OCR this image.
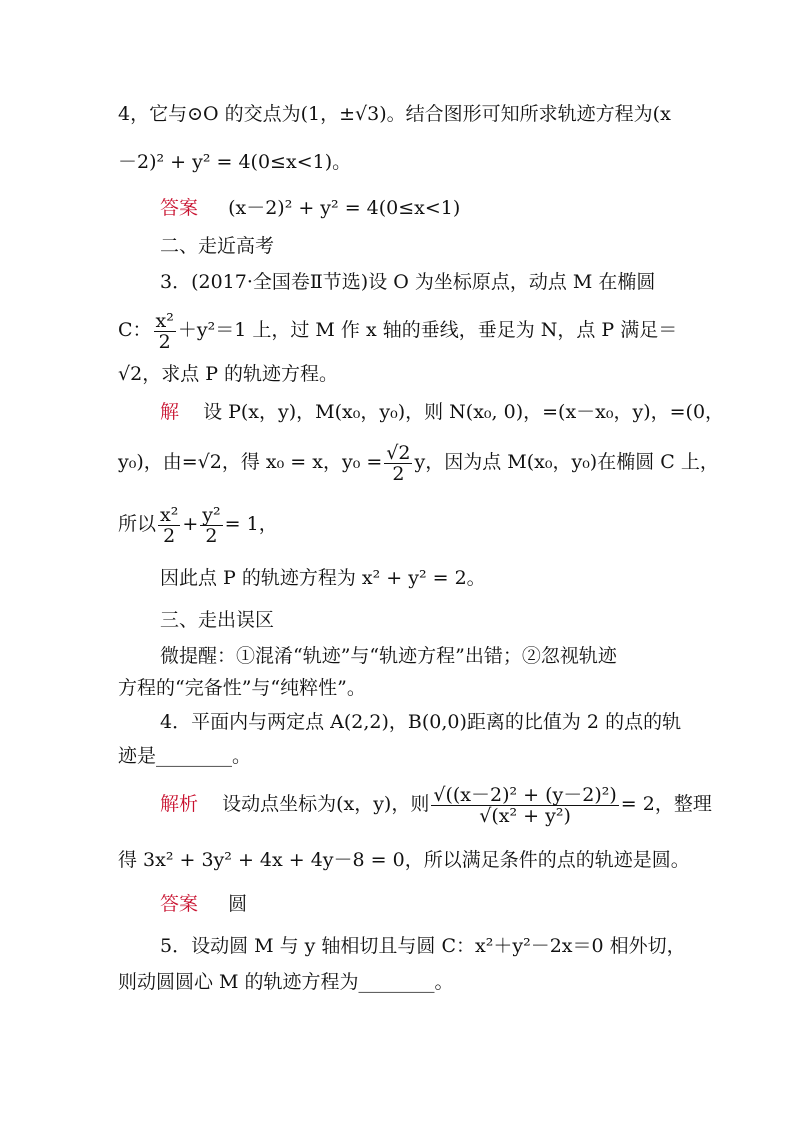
4，它与⊙O 的交点为(1，±√3)。结合图形可知所求轨迹方程为(x
－2)² + y² = 4(0≤x<1)。
答案 (x－2)² + y² = 4(0≤x<1)
二、走近高考
3．(2017·全国卷Ⅱ节选)设 O 为坐标原点，动点 M 在椭圆
C： $\frac{\text{x²}}{2} +y^2=1$ 上，过 M 作 x 轴的垂线，垂足为 N，点 P 满足＝
√2，求点 P 的轨迹方程。
解 设 P(x，y)，M(x₀，y₀)，则 N(x₀, 0)，=(x－x₀，y)，=(0，
y₀)，由=√2，得 x₀ = x，$y_0 = \frac{√2}{2}$ y，因为点 M(x₀，y₀)在椭圆 C 上，
所以 $\frac{\text{x²}}{2} + \frac{\text{y²}}{2} = 1$，
因此点 P 的轨迹方程为 x² + y² = 2。
三、走出误区
微提醒：①混淆“轨迹”与“轨迹方程”出错；②忽视轨迹
方程的“完备性”与“纯粹性”。
4．平面内与两定点 A(2,2)，B(0,0)距离的比值为 2 的点的轨
迹是________。
解析 设动点坐标为(x，y)，则 $\frac{\text{√((x－2)² + (y－2)²)}}{\text{√(x² + y²)}} = 2$，整理
得 3x² + 3y² + 4x + 4y－8 = 0，所以满足条件的点的轨迹是圆。
答案 圆
5．设动圆 M 与 y 轴相切且与圆 C：x²＋y²－2x＝0 相外切，
则动圆圆心 M 的轨迹方程为________。
